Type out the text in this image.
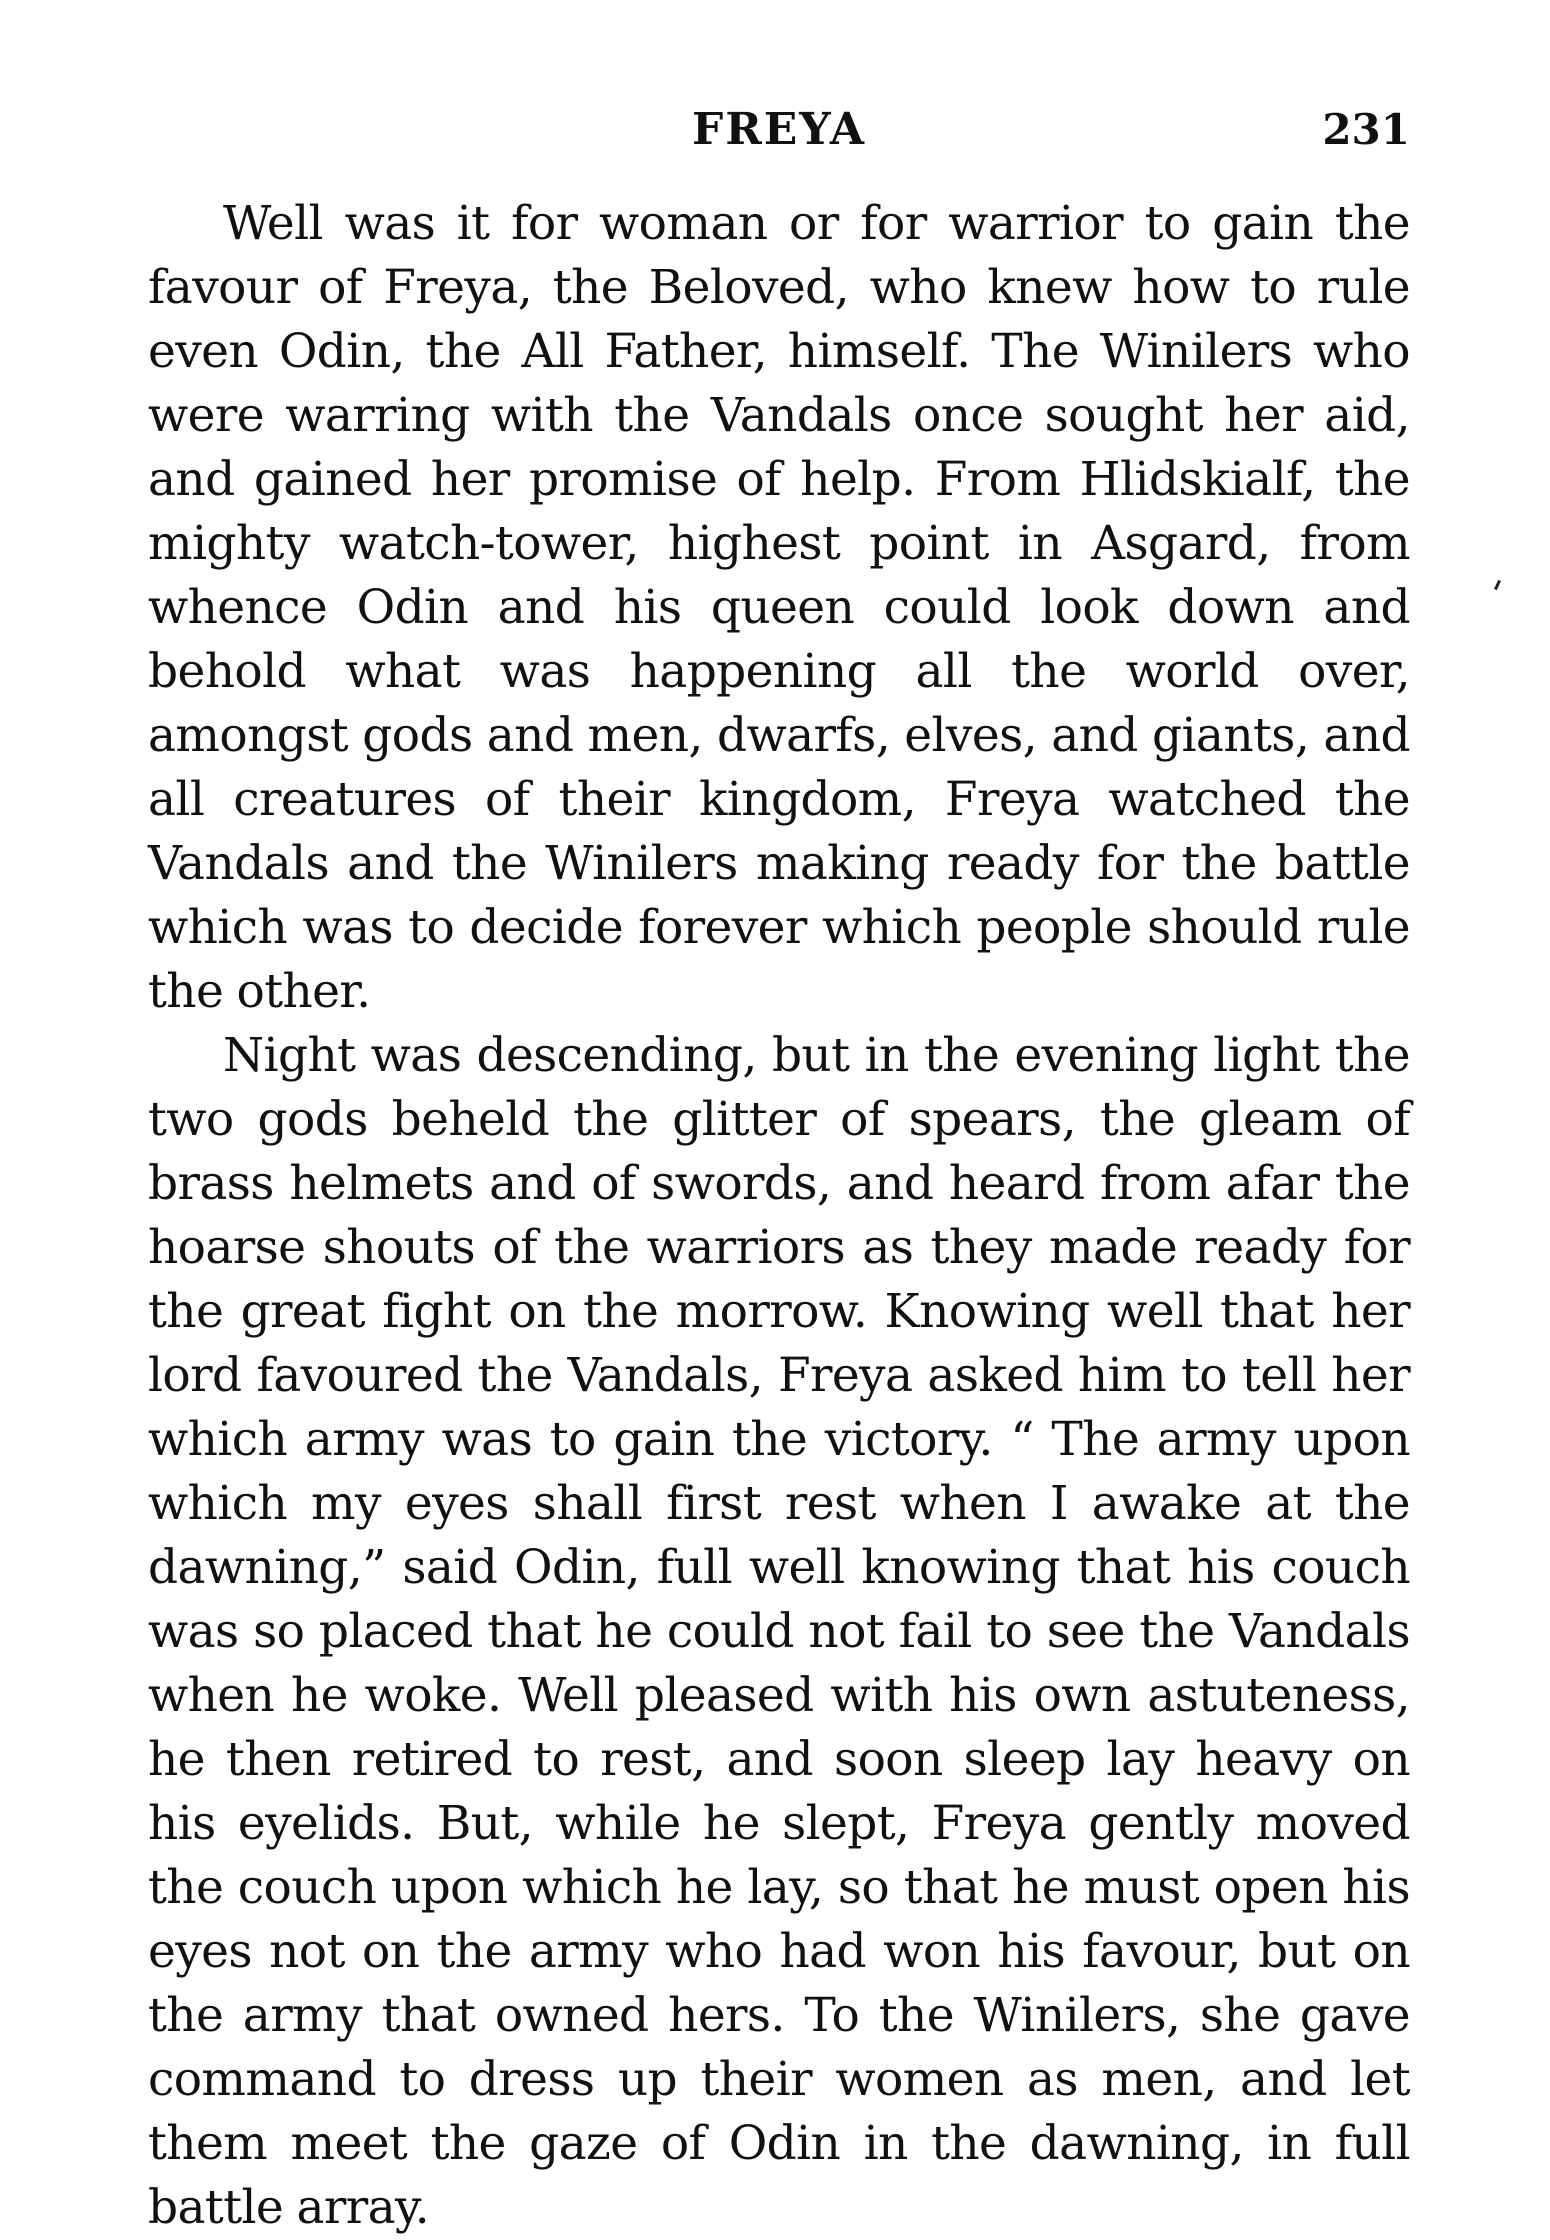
FREYA	231

Well was it for woman or for warrior to gain the favour of Freya, the Beloved, who knew how to rule even Odin, the All Father, himself. The Winilers who were warring with the Vandals once sought her aid, and gained her promise of help. From Hlidskialf, the mighty watch-tower, highest point in Asgard, from whence Odin and his queen could look down and behold what was happening all the world over, amongst gods and men, dwarfs, elves, and giants, and all creatures of their kingdom, Freya watched the Vandals and the Winilers making ready for the battle which was to decide forever which people should rule the other.

Night was descending, but in the evening light the two gods beheld the glitter of spears, the gleam of brass helmets and of swords, and heard from afar the hoarse shouts of the warriors as they made ready for the great fight on the morrow. Knowing well that her lord favoured the Vandals, Freya asked him to tell her which army was to gain the victory. “ The army upon which my eyes shall first rest when I awake at the dawning,” said Odin, full well knowing that his couch was so placed that he could not fail to see the Vandals when he woke. Well pleased with his own astuteness, he then retired to rest, and soon sleep lay heavy on his eyelids. But, while he slept, Freya gently moved the couch upon which he lay, so that he must open his eyes not on the army who had won his favour, but on the army that owned hers. To the Winilers, she gave command to dress up their women as men, and let them meet the gaze of Odin in the dawning, in full battle array.
